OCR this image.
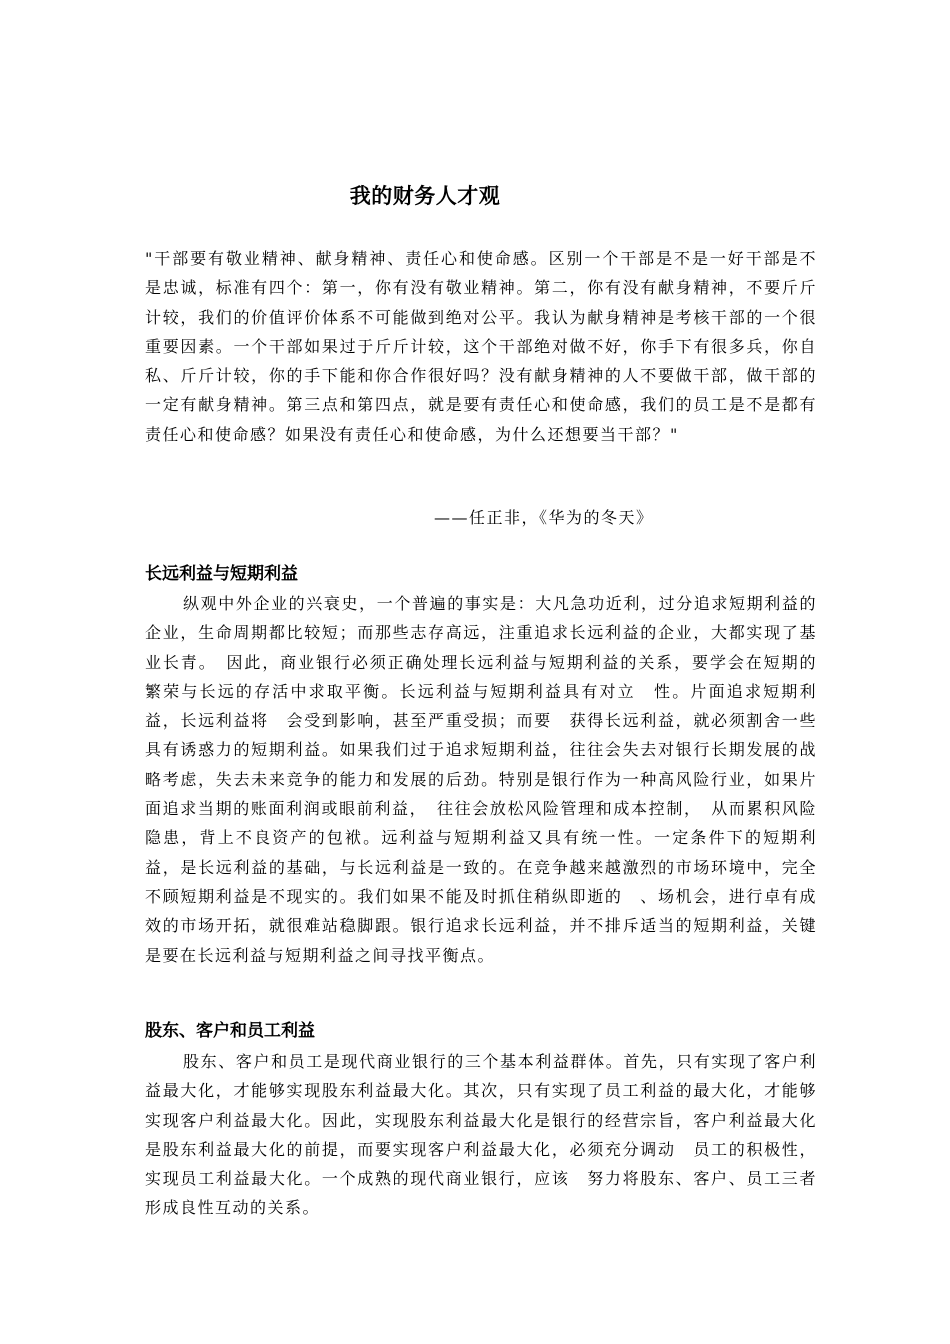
我的财务人才观
"干部要有敬业精神、献身精神、责任心和使命感。区别一个干部是不是一好干部是不是忠诚，标准有四个：第一，你有没有敬业精神。第二，你有没有献身精神，不要斤斤计较，我们的价值评价体系不可能做到绝对公平。我认为献身精神是考核干部的一个很重要因素。一个干部如果过于斤斤计较，这个干部绝对做不好，你手下有很多兵，你自私、斤斤计较，你的手下能和你合作很好吗？没有献身精神的人不要做干部，做干部的一定有献身精神。第三点和第四点，就是要有责任心和使命感，我们的员工是不是都有责任心和使命感？如果没有责任心和使命感，为什么还想要当干部？"
——任正非，《华为的冬天》
长远利益与短期利益
纵观中外企业的兴衰史，一个普遍的事实是：大凡急功近利，过分追求短期利益的企业，生命周期都比较短；而那些志存高远，注重追求长远利益的企业，大都实现了基业长青。　因此，商业银行必须正确处理长远利益与短期利益的关系，要学会在短期的繁荣与长远的存活中求取平衡。长远利益与短期利益具有对立　性。片面追求短期利益，长远利益将　会受到影响，甚至严重受损；而要　获得长远利益，就必须割舍一些具有诱惑力的短期利益。如果我们过于追求短期利益，往往会失去对银行长期发展的战略考虑，失去未来竞争的能力和发展的后劲。特别是银行作为一种高风险行业，如果片面追求当期的账面利润或眼前利益，　往往会放松风险管理和成本控制，　从而累积风险隐患，背上不良资产的包袱。远利益与短期利益又具有统一性。一定条件下的短期利益，是长远利益的基础，与长远利益是一致的。在竞争越来越激烈的市场环境中，完全不顾短期利益是不现实的。我们如果不能及时抓住稍纵即逝的　、场机会，进行卓有成效的市场开拓，就很难站稳脚跟。银行追求长远利益，并不排斥适当的短期利益，关键是要在长远利益与短期利益之间寻找平衡点。
股东、客户和员工利益
股东、客户和员工是现代商业银行的三个基本利益群体。首先，只有实现了客户利益最大化，才能够实现股东利益最大化。其次，只有实现了员工利益的最大化，才能够实现客户利益最大化。因此，实现股东利益最大化是银行的经营宗旨，客户利益最大化是股东利益最大化的前提，而要实现客户利益最大化，必须充分调动　员工的积极性，实现员工利益最大化。一个成熟的现代商业银行，应该　努力将股东、客户、员工三者形成良性互动的关系。
